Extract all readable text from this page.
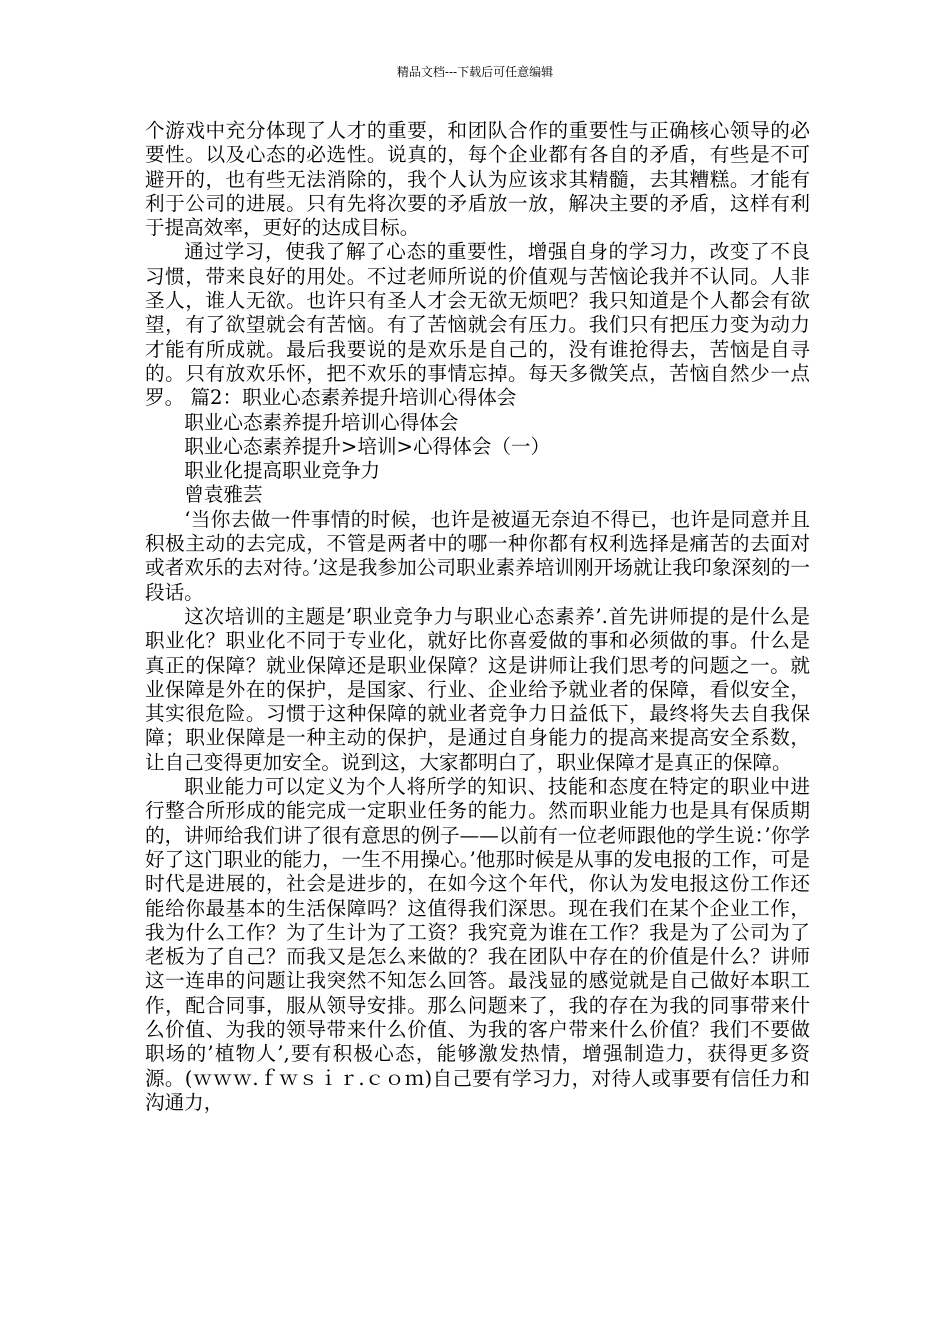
精品文档---下载后可任意编辑

个游戏中充分体现了人才的重要，和团队合作的重要性与正确核心领导的必要性。以及心态的必选性。说真的，每个企业都有各自的矛盾，有些是不可避开的，也有些无法消除的，我个人认为应该求其精髓，去其糟糕。才能有利于公司的进展。只有先将次要的矛盾放一放，解决主要的矛盾，这样有利于提高效率，更好的达成目标。

通过学习，使我了解了心态的重要性，增强自身的学习力，改变了不良习惯，带来良好的用处。不过老师所说的价值观与苦恼论我并不认同。人非圣人，谁人无欲。也许只有圣人才会无欲无烦吧？我只知道是个人都会有欲望，有了欲望就会有苦恼。有了苦恼就会有压力。我们只有把压力变为动力才能有所成就。最后我要说的是欢乐是自己的，没有谁抢得去，苦恼是自寻的。只有放欢乐怀，把不欢乐的事情忘掉。每天多微笑点，苦恼自然少一点罗。 篇2：职业心态素养提升培训心得体会

职业心态素养提升培训心得体会

职业心态素养提升>培训>心得体会（一）

职业化提高职业竞争力

曾袁雅芸

‘当你去做一件事情的时候，也许是被逼无奈迫不得已，也许是同意并且积极主动的去完成，不管是两者中的哪一种你都有权利选择是痛苦的去面对或者欢乐的去对待。’这是我参加公司职业素养培训刚开场就让我印象深刻的一段话。

这次培训的主题是’职业竞争力与职业心态素养’.首先讲师提的是什么是职业化？职业化不同于专业化，就好比你喜爱做的事和必须做的事。什么是真正的保障？就业保障还是职业保障？这是讲师让我们思考的问题之一。就业保障是外在的保护，是国家、行业、企业给予就业者的保障，看似安全，其实很危险。习惯于这种保障的就业者竞争力日益低下，最终将失去自我保障；职业保障是一种主动的保护，是通过自身能力的提高来提高安全系数，让自己变得更加安全。说到这，大家都明白了，职业保障才是真正的保障。

职业能力可以定义为个人将所学的知识、技能和态度在特定的职业中进行整合所形成的能完成一定职业任务的能力。然而职业能力也是具有保质期的，讲师给我们讲了很有意思的例子——以前有一位老师跟他的学生说：’你学好了这门职业的能力，一生不用操心。’他那时候是从事的发电报的工作，可是时代是进展的，社会是进步的，在如今这个年代，你认为发电报这份工作还能给你最基本的生活保障吗？这值得我们深思。现在我们在某个企业工作，我为什么工作？为了生计为了工资？我究竟为谁在工作？我是为了公司为了老板为了自己？而我又是怎么来做的？我在团队中存在的价值是什么？讲师这一连串的问题让我突然不知怎么回答。最浅显的感觉就是自己做好本职工作，配合同事，服从领导安排。那么问题来了，我的存在为我的同事带来什么价值、为我的领导带来什么价值、为我的客户带来什么价值？我们不要做职场的’植物人’,要有积极心态，能够激发热情，增强制造力，获得更多资源。(ｗｗｗ.ｆｗｓｉｒ.ｃｏｍ)自己要有学习力，对待人或事要有信任力和沟通力，
